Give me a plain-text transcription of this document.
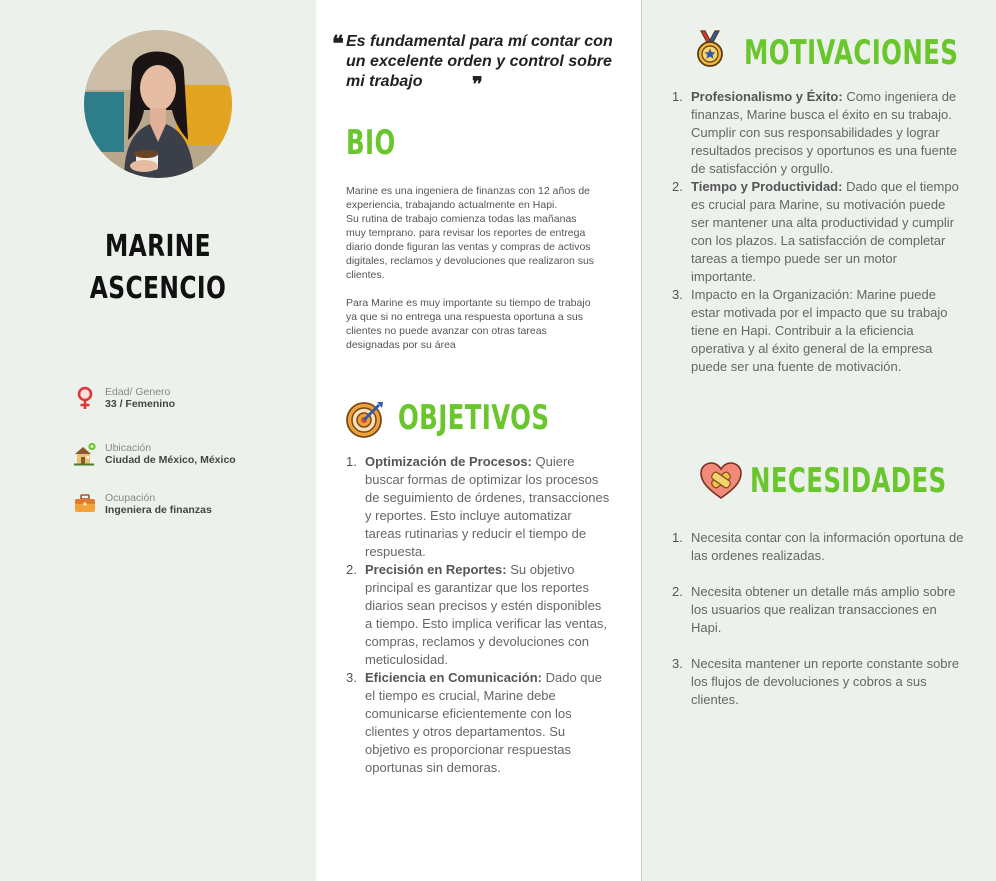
MARINE
ASCENCIO
Edad/ Genero
33 / Femenino
Ubicación
Ciudad de México, México
Ocupación
Ingeniera de finanzas
❝ Es fundamental para mí contar con un excelente orden y control sobre mi trabajo	❞
BIO
Marine es una ingeniera de finanzas con 12 años de experiencia, trabajando actualmente en Hapi.
Su rutina de trabajo comienza todas las mañanas muy temprano. para revisar los reportes de entrega diario donde figuran las ventas y compras de activos digitales, reclamos y devoluciones que realizaron sus clientes.

Para Marine es muy importante su tiempo de trabajo ya que si no entrega una respuesta oportuna a sus clientes no puede avanzar con otras tareas designadas por su área
OBJETIVOS
1. Optimización de Procesos: Quiere buscar formas de optimizar los procesos de seguimiento de órdenes, transacciones y reportes. Esto incluye automatizar tareas rutinarias y reducir el tiempo de respuesta.
2. Precisión en Reportes: Su objetivo principal es garantizar que los reportes diarios sean precisos y estén disponibles a tiempo. Esto implica verificar las ventas, compras, reclamos y devoluciones con meticulosidad.
3. Eficiencia en Comunicación: Dado que el tiempo es crucial, Marine debe comunicarse eficientemente con los clientes y otros departamentos. Su objetivo es proporcionar respuestas oportunas sin demoras.
MOTIVACIONES
1. Profesionalismo y Éxito: Como ingeniera de finanzas, Marine busca el éxito en su trabajo. Cumplir con sus responsabilidades y lograr resultados precisos y oportunos es una fuente de satisfacción y orgullo.
2. Tiempo y Productividad: Dado que el tiempo es crucial para Marine, su motivación puede ser mantener una alta productividad y cumplir con los plazos. La satisfacción de completar tareas a tiempo puede ser un motor importante.
3. Impacto en la Organización: Marine puede estar motivada por el impacto que su trabajo tiene en Hapi. Contribuir a la eficiencia operativa y al éxito general de la empresa puede ser una fuente de motivación.
NECESIDADES
1. Necesita contar con la información oportuna de las ordenes realizadas.
2. Necesita obtener un detalle más amplio sobre los usuarios que realizan transacciones en Hapi.
3. Necesita mantener un reporte constante sobre los flujos de devoluciones y cobros a sus clientes.
